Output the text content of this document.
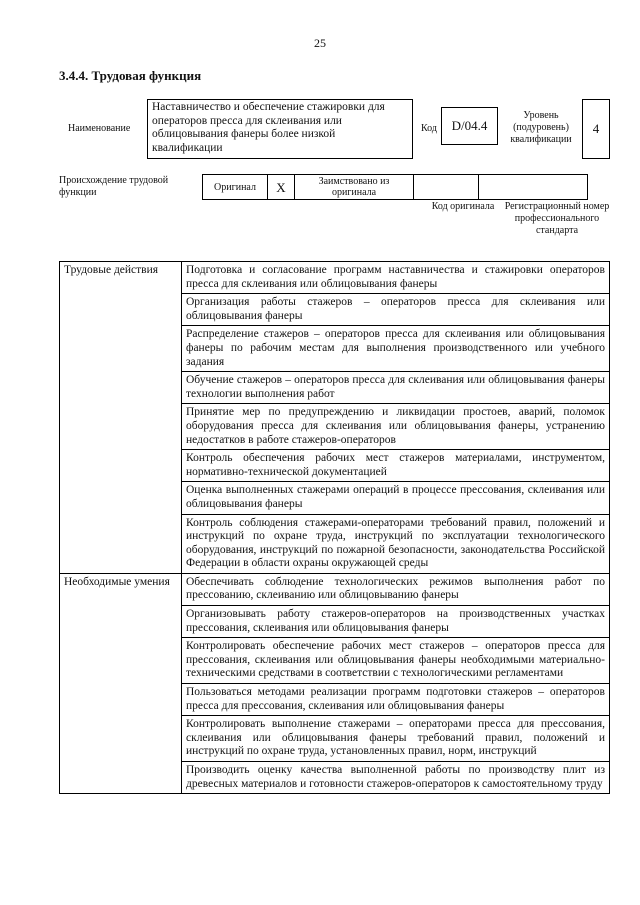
25
3.4.4. Трудовая функция
Наименование
Наставничество и обеспечение стажировки для операторов пресса для склеивания или облицовывания фанеры более низкой квалификации
Код	D/04.4
Уровень (подуровень) квалификации
4
Происхождение трудовой функции	Оригинал	X	Заимствовано из оригинала		
Код оригинала	Регистрационный номер профессионального стандарта
Трудовые действия	Подготовка и согласование программ наставничества и стажировки операторов пресса для склеивания или облицовывания фанеры
	Организация работы стажеров – операторов пресса для склеивания или облицовывания фанеры
	Распределение стажеров – операторов пресса для склеивания или облицовывания фанеры по рабочим местам для выполнения производственного или учебного задания
	Обучение стажеров – операторов пресса для склеивания или облицовывания фанеры технологии выполнения работ
	Принятие мер по предупреждению и ликвидации простоев, аварий, поломок оборудования пресса для склеивания или облицовывания фанеры, устранению недостатков в работе стажеров-операторов
	Контроль обеспечения рабочих мест стажеров материалами, инструментом, нормативно-технической документацией
	Оценка выполненных стажерами операций в процессе прессования, склеивания или облицовывания фанеры
	Контроль соблюдения стажерами-операторами требований правил, положений и инструкций по охране труда, инструкций по эксплуатации технологического оборудования, инструкций по пожарной безопасности, законодательства Российской Федерации в области охраны окружающей среды
Необходимые умения	Обеспечивать соблюдение технологических режимов выполнения работ по прессованию, склеиванию или облицовыванию фанеры
	Организовывать работу стажеров-операторов на производственных участках прессования, склеивания или облицовывания фанеры
	Контролировать обеспечение рабочих мест стажеров – операторов пресса для прессования, склеивания или облицовывания фанеры необходимыми материально-техническими средствами в соответствии с технологическими регламентами
	Пользоваться методами реализации программ подготовки стажеров – операторов пресса для прессования, склеивания или облицовывания фанеры
	Контролировать выполнение стажерами – операторами пресса для прессования, склеивания или облицовывания фанеры требований правил, положений и инструкций по охране труда, установленных правил, норм, инструкций
	Производить оценку качества выполненной работы по производству плит из древесных материалов и готовности стажеров-операторов к самостоятельному труду
